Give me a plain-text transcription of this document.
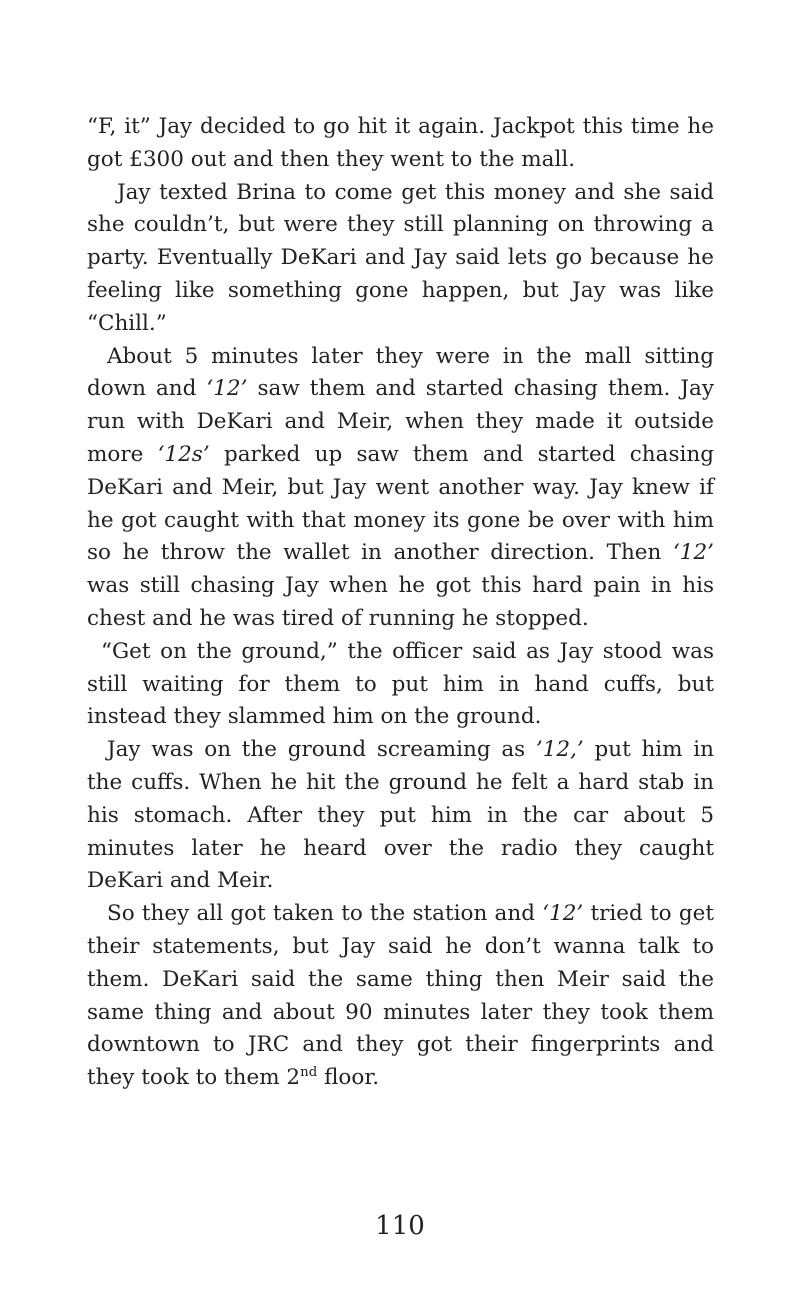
“F, it” Jay decided to go hit it again. Jackpot this time he got £300 out and then they went to the mall.

Jay texted Brina to come get this money and she said she couldn’t, but were they still planning on throwing a party. Eventually DeKari and Jay said lets go because he feeling like something gone happen, but Jay was like “Chill.”

About 5 minutes later they were in the mall sitting down and ‘12’ saw them and started chasing them. Jay run with DeKari and Meir, when they made it outside more ‘12s’ parked up saw them and started chasing DeKari and Meir, but Jay went another way. Jay knew if he got caught with that money its gone be over with him so he throw the wallet in another direction. Then ‘12’ was still chasing Jay when he got this hard pain in his chest and he was tired of running he stopped.

“Get on the ground,” the officer said as Jay stood was still waiting for them to put him in hand cuffs, but instead they slammed him on the ground.

Jay was on the ground screaming as ’12,’ put him in the cuffs. When he hit the ground he felt a hard stab in his stomach. After they put him in the car about 5 minutes later he heard over the radio they caught DeKari and Meir.

So they all got taken to the station and ‘12’ tried to get their statements, but Jay said he don’t wanna talk to them. DeKari said the same thing then Meir said the same thing and about 90 minutes later they took them downtown to JRC and they got their fingerprints and they took to them 2nd floor.

110
